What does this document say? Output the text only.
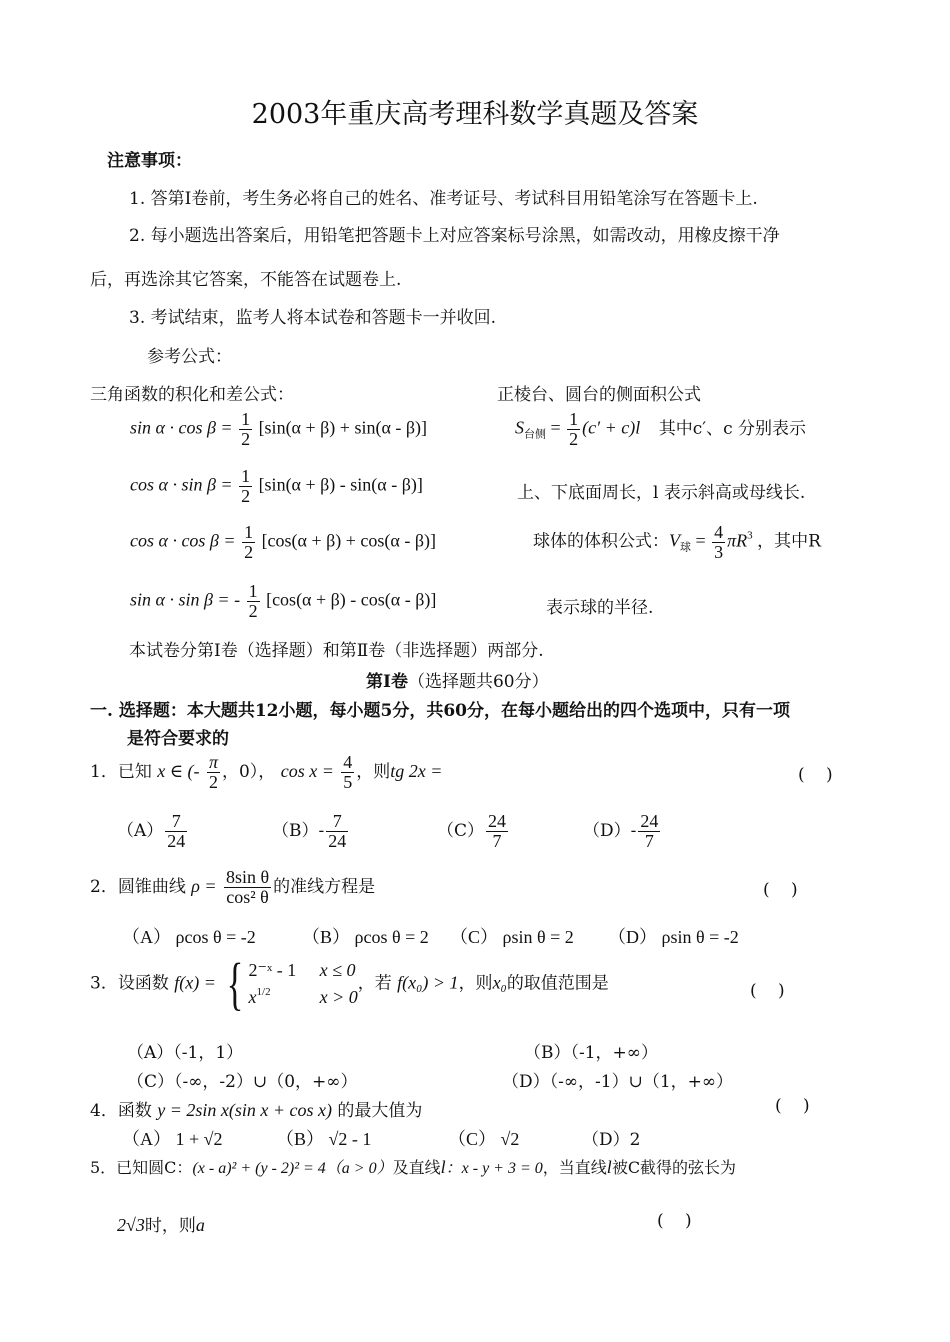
2003年重庆高考理科数学真题及答案
注意事项：
1. 答第Ⅰ卷前，考生务必将自己的姓名、准考证号、考试科目用铅笔涂写在答题卡上.
2. 每小题选出答案后，用铅笔把答题卡上对应答案标号涂黑，如需改动，用橡皮擦干净
后，再选涂其它答案，不能答在试题卷上.
3. 考试结束，监考人将本试卷和答题卡一并收回.
参考公式：
三角函数的积化和差公式：	正棱台、圆台的侧面积公式
$\sin \alpha \cdot \cos \beta = \frac{1}{2} [\sin(\alpha + \beta) + \sin(\alpha - \beta)]$
$\cos \alpha \cdot \sin \beta = \frac{1}{2} [\sin(\alpha + \beta) - \sin(\alpha - \beta)]$
$\cos \alpha \cdot \cos \beta = \frac{1}{2} [\cos(\alpha + \beta) + \cos(\alpha - \beta)]$
sin α · sin β = - $\frac{1}{2} [\cos(\alpha + \beta) - \cos(\alpha - \beta)]$
$S_{台侧} = \frac{1}{2} (c' + c)l$ 其中c′、c 分别表示
上、下底面周长，l 表示斜高或母线长.
球体的体积公式：$V_球 = \frac{4}{3} \pi R^3$ ，其中R
表示球的半径.
本试卷分第Ⅰ卷（选择题）和第Ⅱ卷（非选择题）两部分.
第Ⅰ卷（选择题共60分）
一. 选择题：本大题共12小题，每小题5分，共60分，在每小题给出的四个选项中，只有一项
是符合要求的
1．已知 x ∈ (- $\frac{\pi}{2}$ ，0）， $\cos x = \frac{4}{5}$ ，则tg 2x =	( )
$(A) \frac{7}{24}$	$(B)- \frac{7}{24}$	$(C) \frac{24}{7}$	$(D)- \frac{24}{7}$
2．圆锥曲线 $\rho = \frac{\text{8sin θ}}{\text{cos² θ}}$ 的准线方程是	( )
（A） ρcos θ = -2	（B） ρcos θ = 2 （C） ρsin θ = 2 （D） ρsin θ = -2
3．设函数 f(x) = { 2⁻ˣ - 1
$x^{1/2}$ x ≤ 0
x > 0，若 f(x₀) > 1，则x₀的取值范围是	( )
（A）（-1，1）	（B）（-1，+∞）
（C）（-∞，-2）∪（0，+∞）	（D）（-∞，-1）∪（1，+∞）
4．函数 y = 2sin x(sin x + cos x) 的最大值为	( )
（A） 1 + √2	（B） √2 - 1	（C） √2	（D）2
5．已知圆C：(x - a)² + (y - 2)² = 4（a > 0）及直线l：x - y + 3 = 0，当直线l被C截得的弦长为
2√3时，则a	( )
